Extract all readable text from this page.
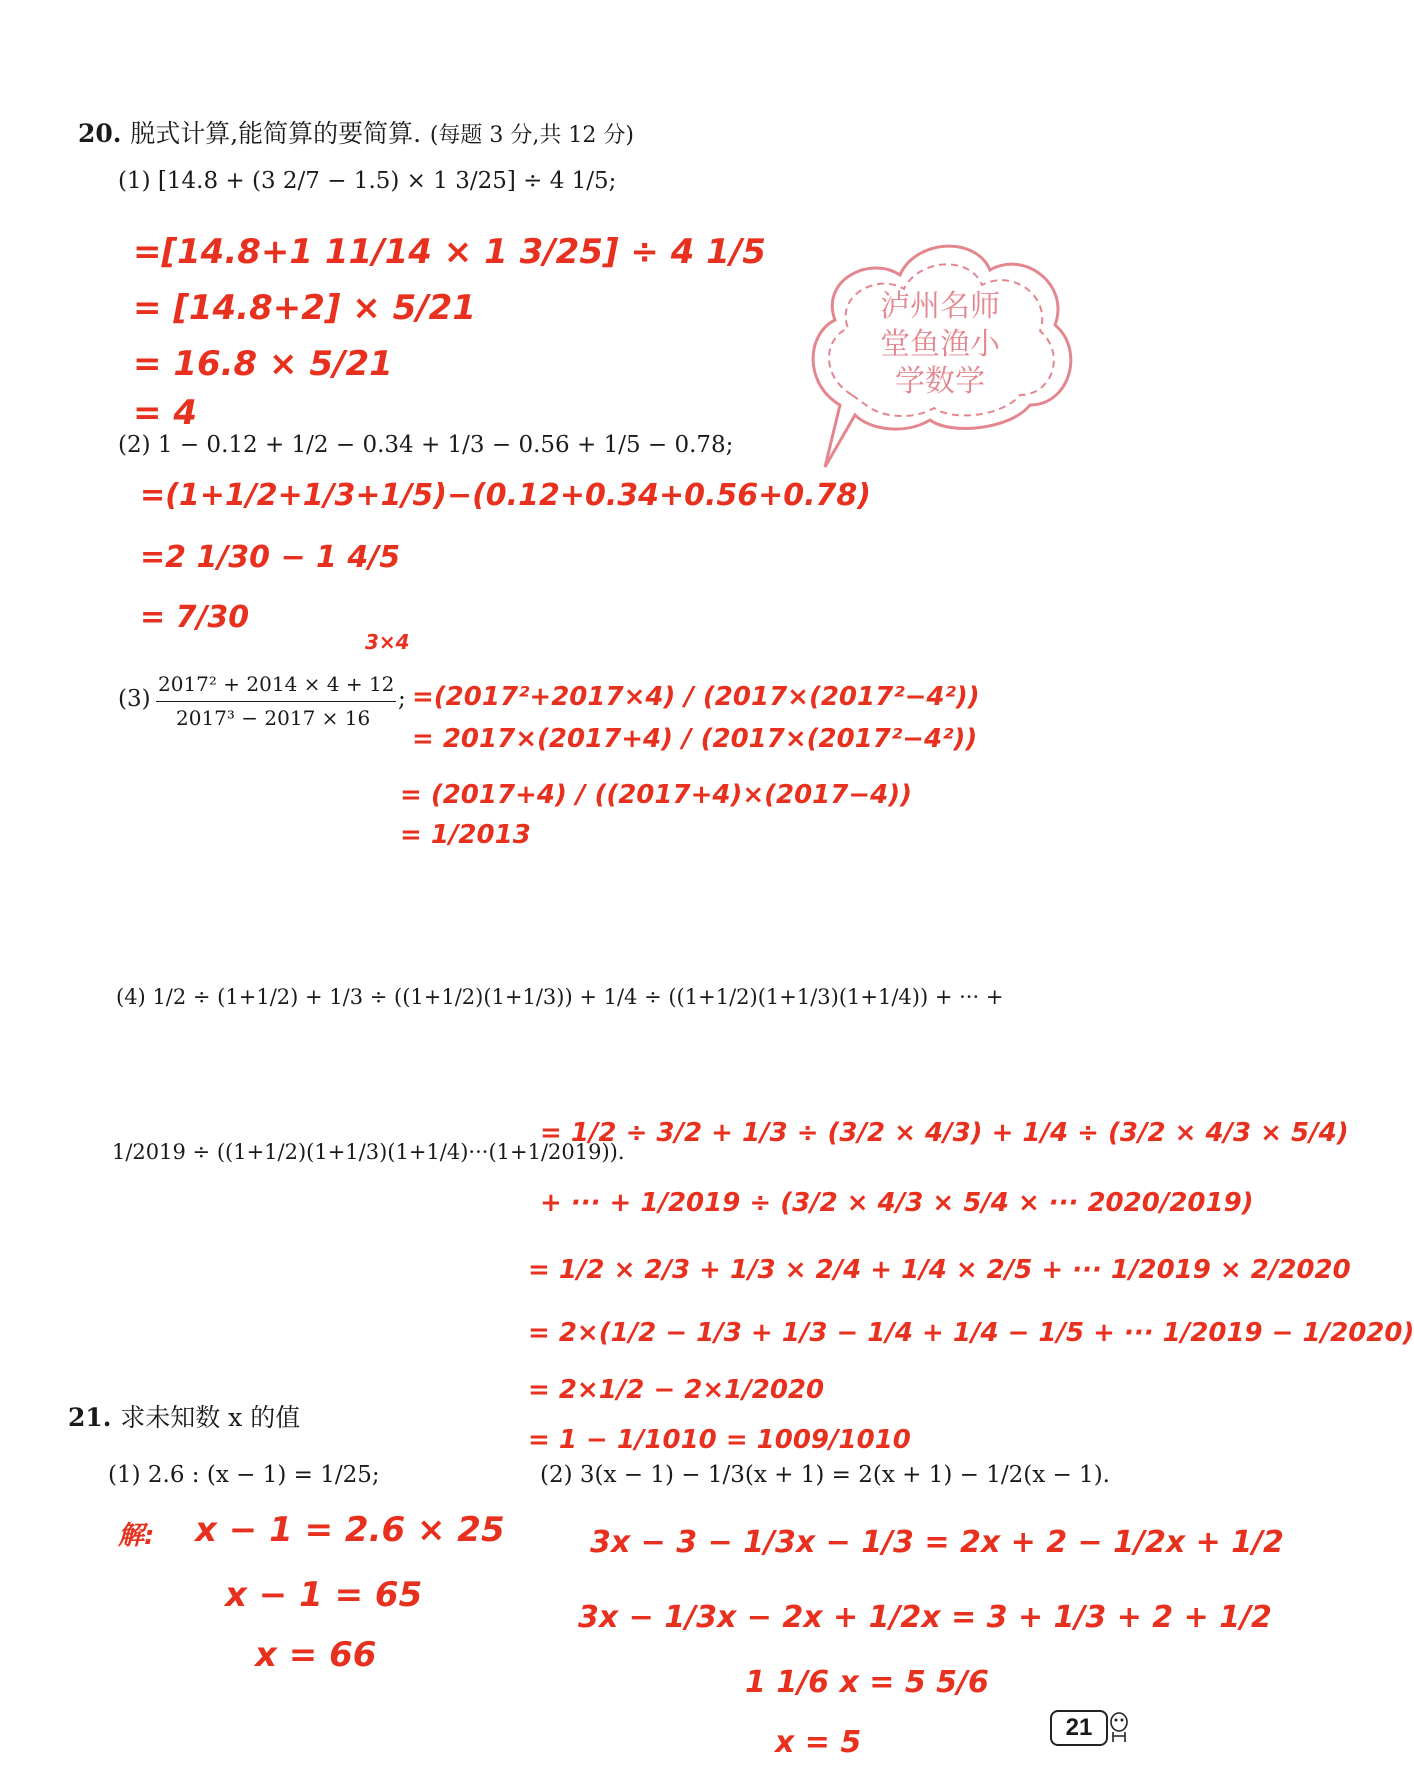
20. 脱式计算,能简算的要简算. (每题 3 分,共 12 分)
(1) [14.8 + (3 2/7 − 1.5) × 1 3/25] ÷ 4 1/5;
=[14.8+1 11/14 × 1 3/25] ÷ 4 1/5
= [14.8+2] × 5/21
= 16.8 × 5/21
= 4
泸州名师
堂鱼渔小
学数学
(2) 1 − 0.12 + 1/2 − 0.34 + 1/3 − 0.56 + 1/5 − 0.78;
=(1+1/2+1/3+1/5)−(0.12+0.34+0.56+0.78)
=2 1/30 − 1 4/5
= 7/30
3×4
(3)
2017² + 2014 × 4 + 12
2017³ − 2017 × 16
; =(2017²+2017×4) / (2017×(2017²−4²))
= 2017×(2017+4) / (2017×(2017²−4²))
= (2017+4) / ((2017+4)×(2017−4))
= 1/2013
(4) 1/2 ÷ (1+1/2) + 1/3 ÷ ((1+1/2)(1+1/3)) + 1/4 ÷ ((1+1/2)(1+1/3)(1+1/4)) + ··· +
1/2019 ÷ ((1+1/2)(1+1/3)(1+1/4)···(1+1/2019)).
= 1/2 ÷ 3/2 + 1/3 ÷ (3/2 × 4/3) + 1/4 ÷ (3/2 × 4/3 × 5/4)
+ ··· + 1/2019 ÷ (3/2 × 4/3 × 5/4 × ··· 2020/2019)
= 1/2 × 2/3 + 1/3 × 2/4 + 1/4 × 2/5 + ··· 1/2019 × 2/2020
= 2×(1/2 − 1/3 + 1/3 − 1/4 + 1/4 − 1/5 + ··· 1/2019 − 1/2020)
= 2×1/2 − 2×1/2020
= 1 − 1/1010 = 1009/1010
21. 求未知数 x 的值
(1) 2.6 : (x − 1) = 1/25;	(2) 3(x − 1) − 1/3(x + 1) = 2(x + 1) − 1/2(x − 1).
解: x − 1 = 2.6 × 25
x − 1 = 65
x = 66
3x − 3 − 1/3x − 1/3 = 2x + 2 − 1/2x + 1/2
3x − 1/3x − 2x + 1/2x = 3 + 1/3 + 2 + 1/2
1 1/6 x = 5 5/6
x = 5	21
